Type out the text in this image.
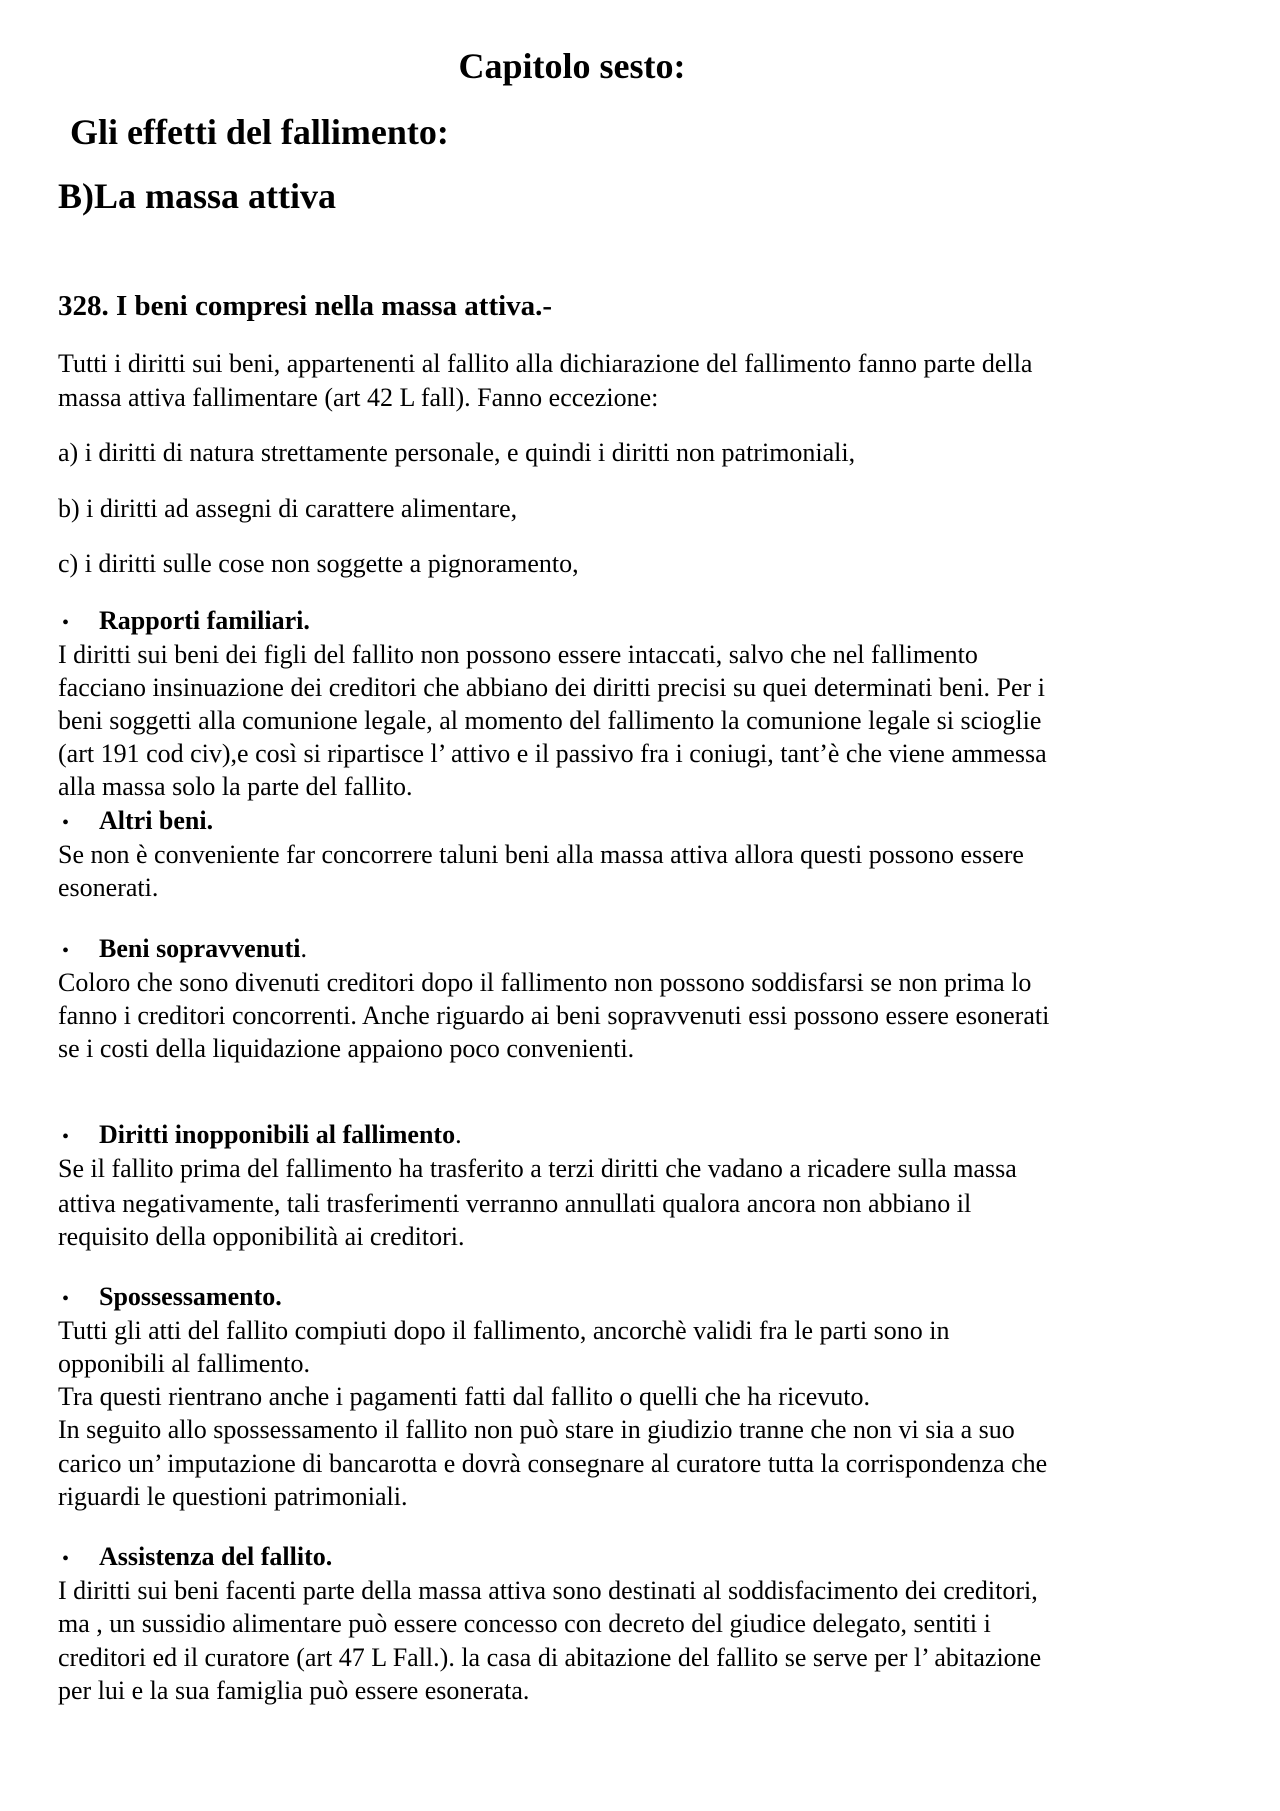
Capitolo sesto:
Gli effetti del fallimento:
B)La massa attiva
328. I beni compresi nella massa attiva.-

Tutti i diritti sui beni, appartenenti al fallito alla dichiarazione del fallimento fanno parte della

massa attiva fallimentare (art 42 L fall). Fanno eccezione:

a) i diritti di natura strettamente personale, e quindi i diritti non patrimoniali,

b) i diritti ad assegni di carattere alimentare,

c) i diritti sulle cose non soggette a pignoramento,

•	Rapporti familiari.

I diritti sui beni dei figli del fallito non possono essere intaccati, salvo che nel fallimento

facciano insinuazione dei creditori che abbiano dei diritti precisi su quei determinati beni. Per i

beni soggetti alla comunione legale, al momento del fallimento la comunione legale si scioglie

(art 191 cod civ),e così si ripartisce l’ attivo e il passivo fra i coniugi, tant’è che viene ammessa

alla massa solo la parte del fallito.

•	Altri beni.

Se non è conveniente far concorrere taluni beni alla massa attiva allora questi possono essere

esonerati.

•	Beni sopravvenuti .

Coloro che sono divenuti creditori dopo il fallimento non possono soddisfarsi se non prima lo

fanno i creditori concorrenti. Anche riguardo ai beni sopravvenuti essi possono essere esonerati

se i costi della liquidazione appaiono poco convenienti.

•	Diritti inopponibili al fallimento .

Se il fallito prima del fallimento ha trasferito a terzi diritti che vadano a ricadere sulla massa

attiva negativamente, tali trasferimenti verranno annullati qualora ancora non abbiano il

requisito della opponibilità ai creditori.

•	Spossessamento.

Tutti gli atti del fallito compiuti dopo il fallimento, ancorchè validi fra le parti sono in

opponibili al fallimento.

Tra questi rientrano anche i pagamenti fatti dal fallito o quelli che ha ricevuto.

In seguito allo spossessamento il fallito non può stare in giudizio tranne che non vi sia a suo

carico un’ imputazione di bancarotta e dovrà consegnare al curatore tutta la corrispondenza che

riguardi le questioni patrimoniali.

•	Assistenza del fallito.

I diritti sui beni facenti parte della massa attiva sono destinati al soddisfacimento dei creditori,

ma , un sussidio alimentare può essere concesso con decreto del giudice delegato, sentiti i

creditori ed il curatore (art 47 L Fall.). la casa di abitazione del fallito se serve per l’ abitazione

per lui e la sua famiglia può essere esonerata.
